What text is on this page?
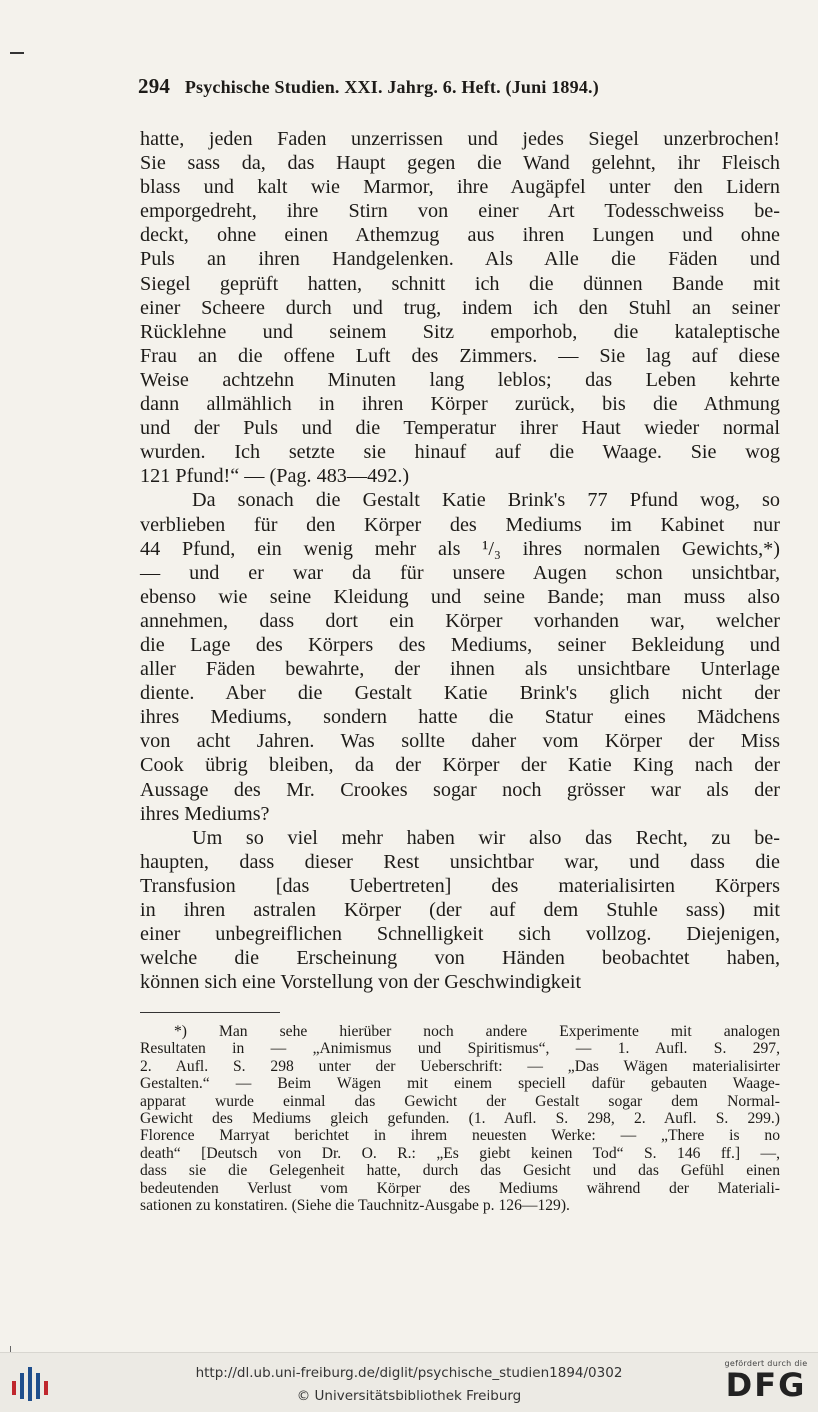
294 Psychische Studien. XXI. Jahrg. 6. Heft. (Juni 1894.)
hatte, jeden Faden unzerrissen und jedes Siegel unzerbrochen!
Sie sass da, das Haupt gegen die Wand gelehnt, ihr Fleisch
blass und kalt wie Marmor, ihre Augäpfel unter den Lidern
emporgedreht, ihre Stirn von einer Art Todesschweiss be-
deckt, ohne einen Athemzug aus ihren Lungen und ohne
Puls an ihren Handgelenken. Als Alle die Fäden und
Siegel geprüft hatten, schnitt ich die dünnen Bande mit
einer Scheere durch und trug, indem ich den Stuhl an seiner
Rücklehne und seinem Sitz emporhob, die kataleptische
Frau an die offene Luft des Zimmers. — Sie lag auf diese
Weise achtzehn Minuten lang leblos; das Leben kehrte
dann allmählich in ihren Körper zurück, bis die Athmung
und der Puls und die Temperatur ihrer Haut wieder normal
wurden. Ich setzte sie hinauf auf die Waage. Sie wog
121 Pfund!“ — (Pag. 483—492.)
Da sonach die Gestalt Katie Brink's 77 Pfund wog, so
verblieben für den Körper des Mediums im Kabinet nur
44 Pfund, ein wenig mehr als ¹/₃ ihres normalen Gewichts,*)
— und er war da für unsere Augen schon unsichtbar,
ebenso wie seine Kleidung und seine Bande; man muss also
annehmen, dass dort ein Körper vorhanden war, welcher
die Lage des Körpers des Mediums, seiner Bekleidung und
aller Fäden bewahrte, der ihnen als unsichtbare Unterlage
diente. Aber die Gestalt Katie Brink's glich nicht der
ihres Mediums, sondern hatte die Statur eines Mädchens
von acht Jahren. Was sollte daher vom Körper der Miss
Cook übrig bleiben, da der Körper der Katie King nach der
Aussage des Mr. Crookes sogar noch grösser war als der
ihres Mediums?
Um so viel mehr haben wir also das Recht, zu be-
haupten, dass dieser Rest unsichtbar war, und dass die
Transfusion [das Uebertreten] des materialisirten Körpers
in ihren astralen Körper (der auf dem Stuhle sass) mit
einer unbegreiflichen Schnelligkeit sich vollzog. Diejenigen,
welche die Erscheinung von Händen beobachtet haben,
können sich eine Vorstellung von der Geschwindigkeit
*) Man sehe hierüber noch andere Experimente mit analogen
Resultaten in — „Animismus und Spiritismus“, — 1. Aufl. S. 297,
2. Aufl. S. 298 unter der Ueberschrift: — „Das Wägen materialisirter
Gestalten.“ — Beim Wägen mit einem speciell dafür gebauten Waage-
apparat wurde einmal das Gewicht der Gestalt sogar dem Normal-
Gewicht des Mediums gleich gefunden. (1. Aufl. S. 298, 2. Aufl. S. 299.)
Florence Marryat berichtet in ihrem neuesten Werke: — „There is no
death“ [Deutsch von Dr. O. R.: „Es giebt keinen Tod“ S. 146 ff.] —,
dass sie die Gelegenheit hatte, durch das Gesicht und das Gefühl einen
bedeutenden Verlust vom Körper des Mediums während der Materiali-
sationen zu konstatiren. (Siehe die Tauchnitz-Ausgabe p. 126—129).
http://dl.ub.uni-freiburg.de/diglit/psychische_studien1894/0302
© Universitätsbibliothek Freiburg
gefördert durch die
DFG
